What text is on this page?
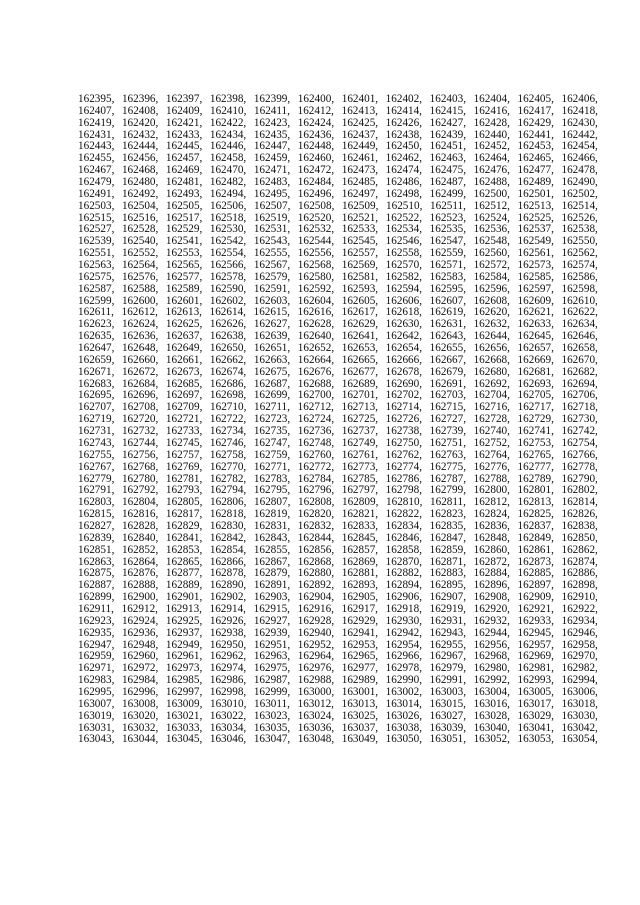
162395, 162396, 162397, 162398, 162399, 162400, 162401, 162402, 162403, 162404, 162405, 162406,
162407, 162408, 162409, 162410, 162411, 162412, 162413, 162414, 162415, 162416, 162417, 162418,
162419, 162420, 162421, 162422, 162423, 162424, 162425, 162426, 162427, 162428, 162429, 162430,
162431, 162432, 162433, 162434, 162435, 162436, 162437, 162438, 162439, 162440, 162441, 162442,
162443, 162444, 162445, 162446, 162447, 162448, 162449, 162450, 162451, 162452, 162453, 162454,
162455, 162456, 162457, 162458, 162459, 162460, 162461, 162462, 162463, 162464, 162465, 162466,
162467, 162468, 162469, 162470, 162471, 162472, 162473, 162474, 162475, 162476, 162477, 162478,
162479, 162480, 162481, 162482, 162483, 162484, 162485, 162486, 162487, 162488, 162489, 162490,
162491, 162492, 162493, 162494, 162495, 162496, 162497, 162498, 162499, 162500, 162501, 162502,
162503, 162504, 162505, 162506, 162507, 162508, 162509, 162510, 162511, 162512, 162513, 162514,
162515, 162516, 162517, 162518, 162519, 162520, 162521, 162522, 162523, 162524, 162525, 162526,
162527, 162528, 162529, 162530, 162531, 162532, 162533, 162534, 162535, 162536, 162537, 162538,
162539, 162540, 162541, 162542, 162543, 162544, 162545, 162546, 162547, 162548, 162549, 162550,
162551, 162552, 162553, 162554, 162555, 162556, 162557, 162558, 162559, 162560, 162561, 162562,
162563, 162564, 162565, 162566, 162567, 162568, 162569, 162570, 162571, 162572, 162573, 162574,
162575, 162576, 162577, 162578, 162579, 162580, 162581, 162582, 162583, 162584, 162585, 162586,
162587, 162588, 162589, 162590, 162591, 162592, 162593, 162594, 162595, 162596, 162597, 162598,
162599, 162600, 162601, 162602, 162603, 162604, 162605, 162606, 162607, 162608, 162609, 162610,
162611, 162612, 162613, 162614, 162615, 162616, 162617, 162618, 162619, 162620, 162621, 162622,
162623, 162624, 162625, 162626, 162627, 162628, 162629, 162630, 162631, 162632, 162633, 162634,
162635, 162636, 162637, 162638, 162639, 162640, 162641, 162642, 162643, 162644, 162645, 162646,
162647, 162648, 162649, 162650, 162651, 162652, 162653, 162654, 162655, 162656, 162657, 162658,
162659, 162660, 162661, 162662, 162663, 162664, 162665, 162666, 162667, 162668, 162669, 162670,
162671, 162672, 162673, 162674, 162675, 162676, 162677, 162678, 162679, 162680, 162681, 162682,
162683, 162684, 162685, 162686, 162687, 162688, 162689, 162690, 162691, 162692, 162693, 162694,
162695, 162696, 162697, 162698, 162699, 162700, 162701, 162702, 162703, 162704, 162705, 162706,
162707, 162708, 162709, 162710, 162711, 162712, 162713, 162714, 162715, 162716, 162717, 162718,
162719, 162720, 162721, 162722, 162723, 162724, 162725, 162726, 162727, 162728, 162729, 162730,
162731, 162732, 162733, 162734, 162735, 162736, 162737, 162738, 162739, 162740, 162741, 162742,
162743, 162744, 162745, 162746, 162747, 162748, 162749, 162750, 162751, 162752, 162753, 162754,
162755, 162756, 162757, 162758, 162759, 162760, 162761, 162762, 162763, 162764, 162765, 162766,
162767, 162768, 162769, 162770, 162771, 162772, 162773, 162774, 162775, 162776, 162777, 162778,
162779, 162780, 162781, 162782, 162783, 162784, 162785, 162786, 162787, 162788, 162789, 162790,
162791, 162792, 162793, 162794, 162795, 162796, 162797, 162798, 162799, 162800, 162801, 162802,
162803, 162804, 162805, 162806, 162807, 162808, 162809, 162810, 162811, 162812, 162813, 162814,
162815, 162816, 162817, 162818, 162819, 162820, 162821, 162822, 162823, 162824, 162825, 162826,
162827, 162828, 162829, 162830, 162831, 162832, 162833, 162834, 162835, 162836, 162837, 162838,
162839, 162840, 162841, 162842, 162843, 162844, 162845, 162846, 162847, 162848, 162849, 162850,
162851, 162852, 162853, 162854, 162855, 162856, 162857, 162858, 162859, 162860, 162861, 162862,
162863, 162864, 162865, 162866, 162867, 162868, 162869, 162870, 162871, 162872, 162873, 162874,
162875, 162876, 162877, 162878, 162879, 162880, 162881, 162882, 162883, 162884, 162885, 162886,
162887, 162888, 162889, 162890, 162891, 162892, 162893, 162894, 162895, 162896, 162897, 162898,
162899, 162900, 162901, 162902, 162903, 162904, 162905, 162906, 162907, 162908, 162909, 162910,
162911, 162912, 162913, 162914, 162915, 162916, 162917, 162918, 162919, 162920, 162921, 162922,
162923, 162924, 162925, 162926, 162927, 162928, 162929, 162930, 162931, 162932, 162933, 162934,
162935, 162936, 162937, 162938, 162939, 162940, 162941, 162942, 162943, 162944, 162945, 162946,
162947, 162948, 162949, 162950, 162951, 162952, 162953, 162954, 162955, 162956, 162957, 162958,
162959, 162960, 162961, 162962, 162963, 162964, 162965, 162966, 162967, 162968, 162969, 162970,
162971, 162972, 162973, 162974, 162975, 162976, 162977, 162978, 162979, 162980, 162981, 162982,
162983, 162984, 162985, 162986, 162987, 162988, 162989, 162990, 162991, 162992, 162993, 162994,
162995, 162996, 162997, 162998, 162999, 163000, 163001, 163002, 163003, 163004, 163005, 163006,
163007, 163008, 163009, 163010, 163011, 163012, 163013, 163014, 163015, 163016, 163017, 163018,
163019, 163020, 163021, 163022, 163023, 163024, 163025, 163026, 163027, 163028, 163029, 163030,
163031, 163032, 163033, 163034, 163035, 163036, 163037, 163038, 163039, 163040, 163041, 163042,
163043, 163044, 163045, 163046, 163047, 163048, 163049, 163050, 163051, 163052, 163053, 163054,
